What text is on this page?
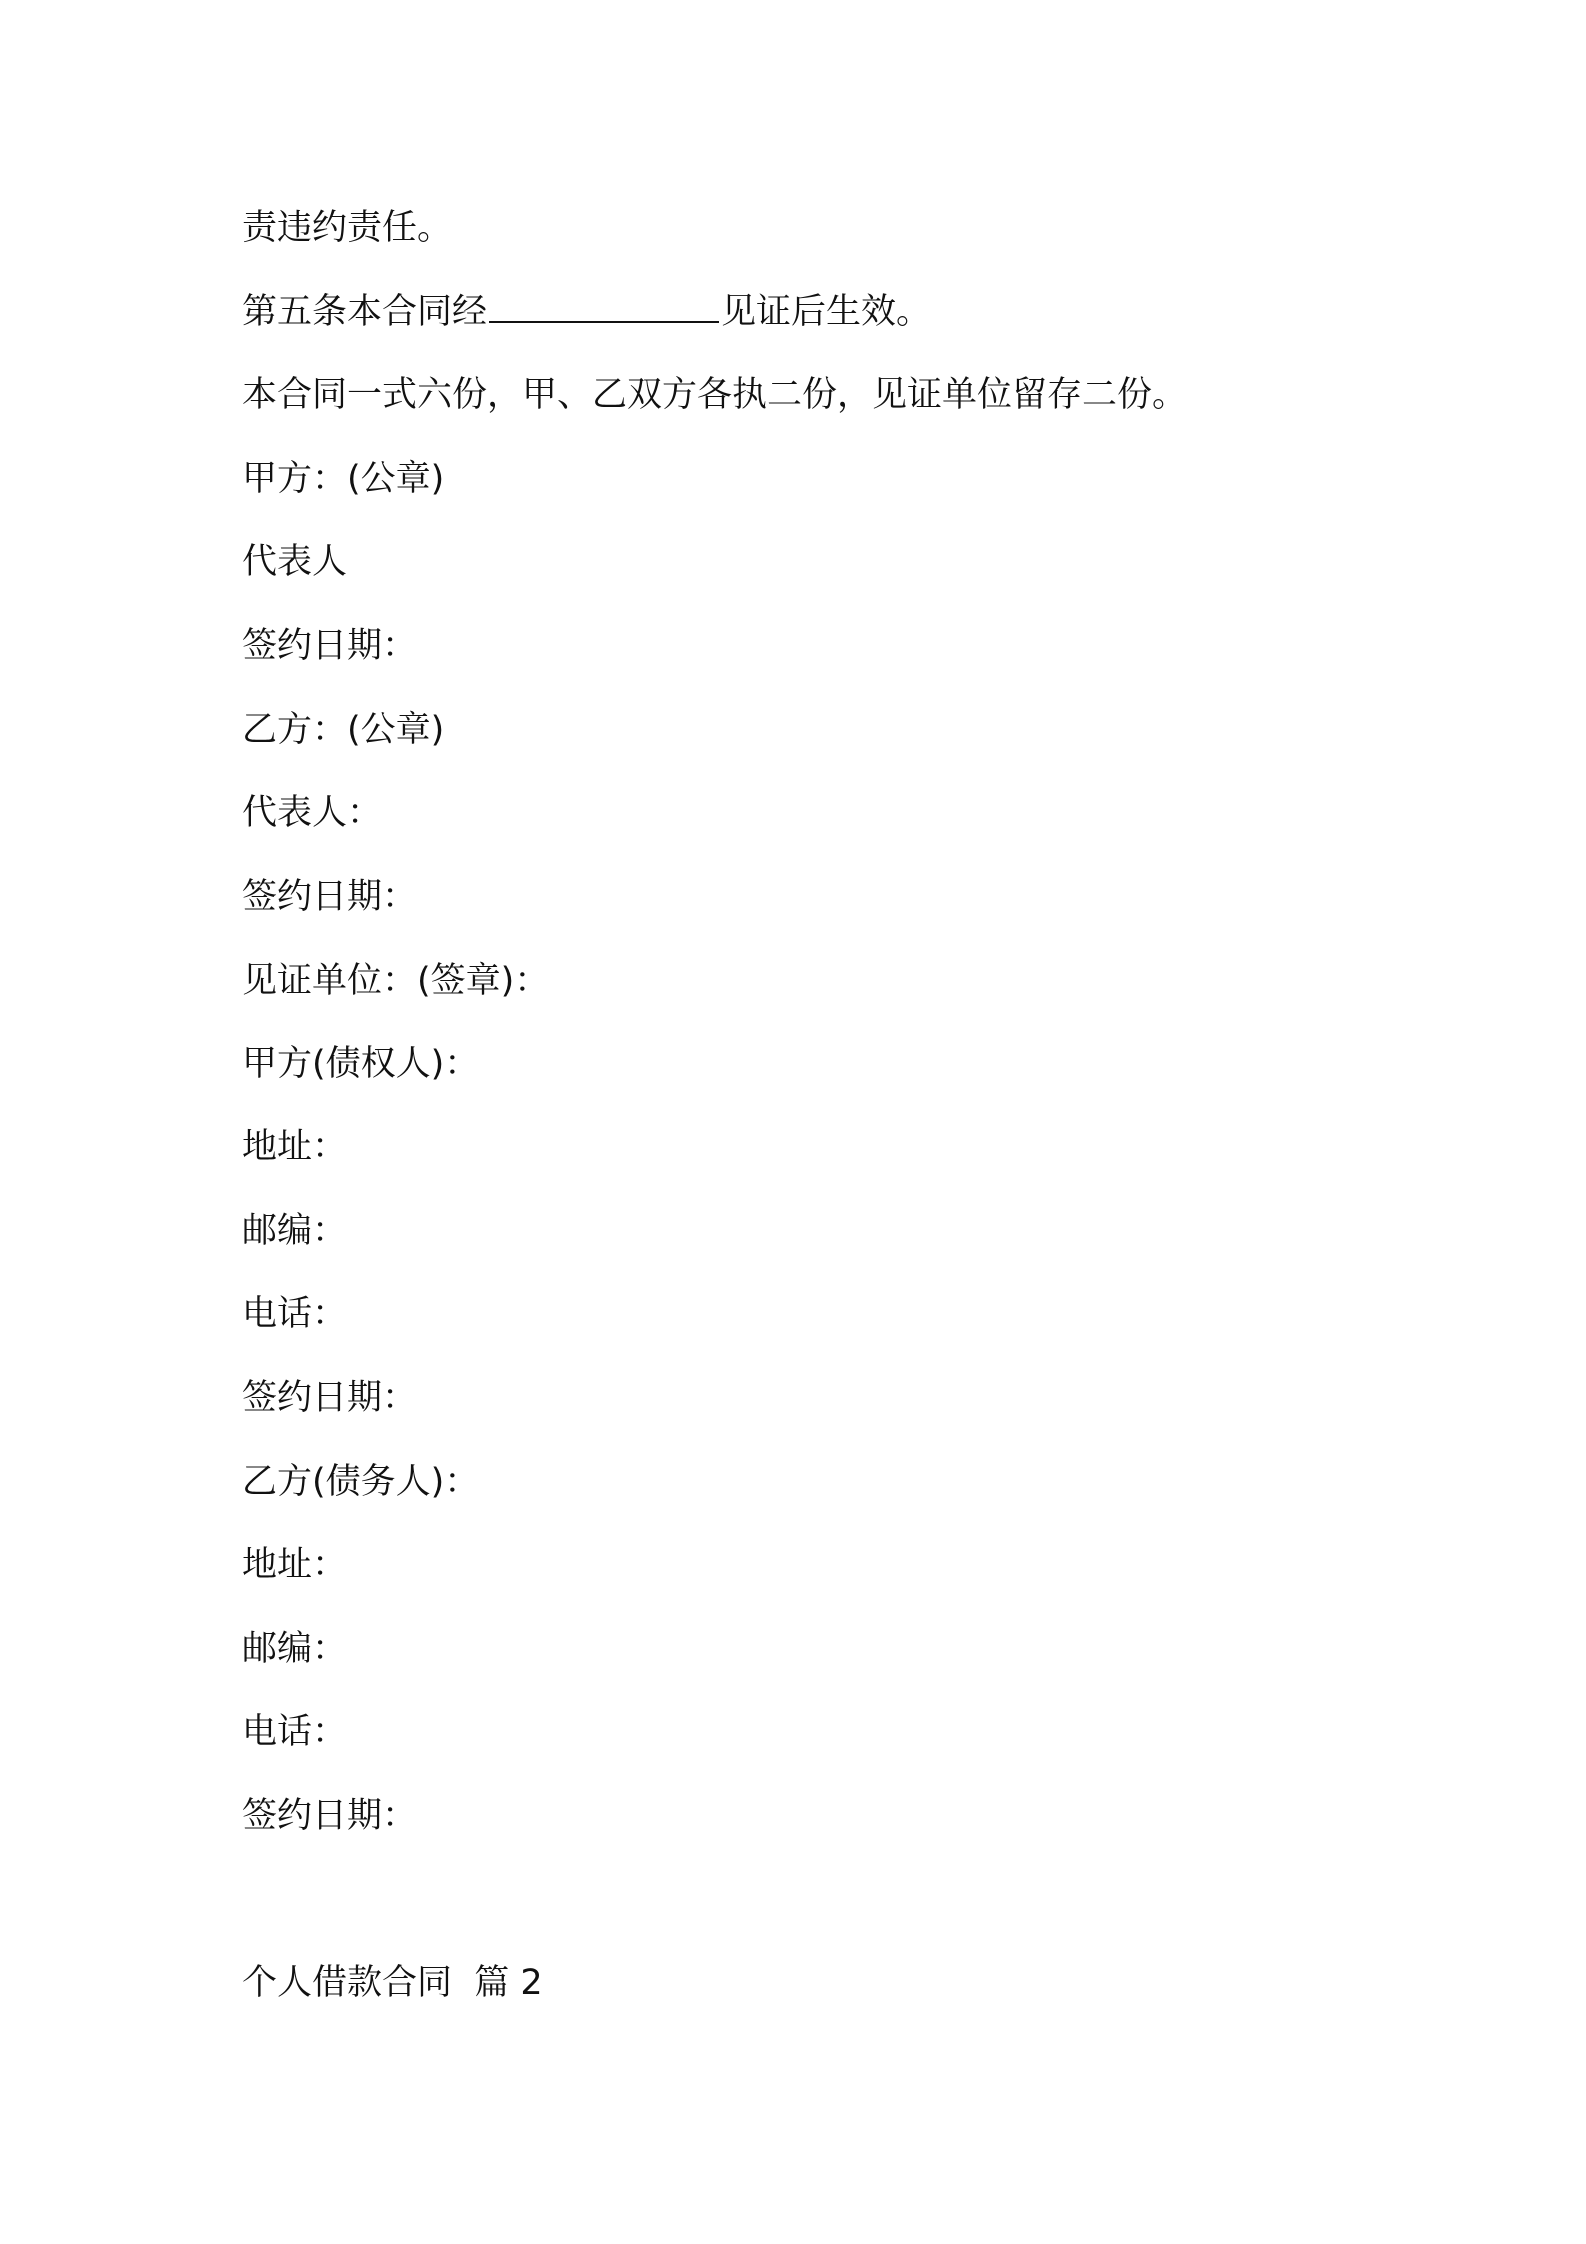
责违约责任。
第五条本合同经	见证后生效。
本合同一式六份，甲、乙双方各执二份，见证单位留存二份。
甲方：(公章)
代表人
签约日期：
乙方：(公章)
代表人：
签约日期：
见证单位：(签章)：
甲方(债权人)：
地址：
邮编：
电话：
签约日期：
乙方(债务人)：
地址：
邮编：
电话：
签约日期：
个人借款合同  篇 2
